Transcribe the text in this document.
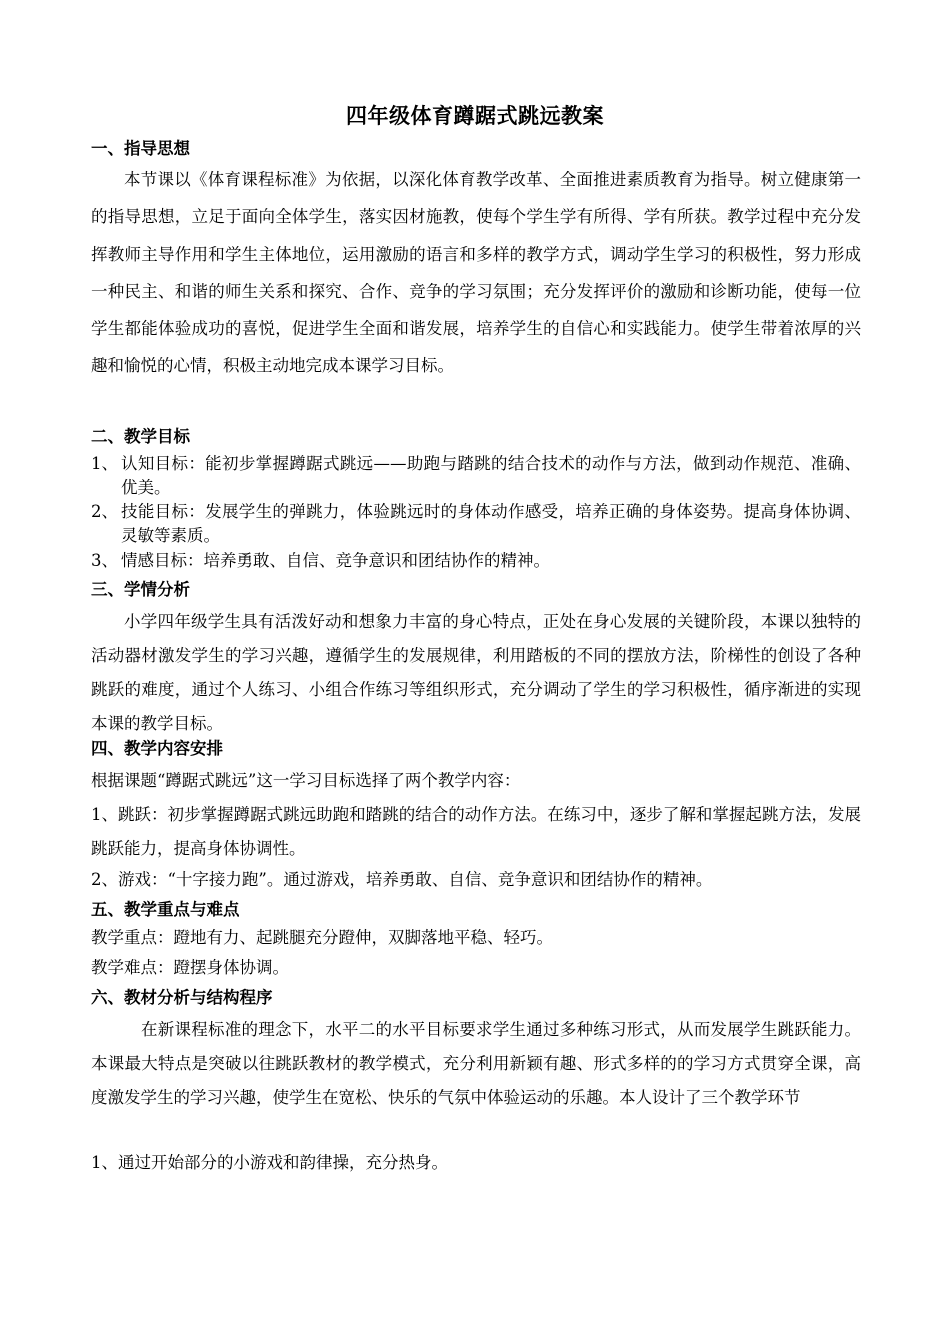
四年级体育蹲踞式跳远教案
一、指导思想
本节课以《体育课程标准》为依据，以深化体育教学改革、全面推进素质教育为指导。树立健康第一的指导思想，立足于面向全体学生，落实因材施教，使每个学生学有所得、学有所获。教学过程中充分发挥教师主导作用和学生主体地位，运用激励的语言和多样的教学方式，调动学生学习的积极性，努力形成一种民主、和谐的师生关系和探究、合作、竞争的学习氛围；充分发挥评价的激励和诊断功能，使每一位学生都能体验成功的喜悦，促进学生全面和谐发展，培养学生的自信心和实践能力。使学生带着浓厚的兴趣和愉悦的心情，积极主动地完成本课学习目标。
二、教学目标
1、 认知目标：能初步掌握蹲踞式跳远——助跑与踏跳的结合技术的动作与方法，做到动作规范、准确、优美。
2、 技能目标：发展学生的弹跳力，体验跳远时的身体动作感受，培养正确的身体姿势。提高身体协调、灵敏等素质。
3、 情感目标：培养勇敢、自信、竞争意识和团结协作的精神。
三、学情分析
小学四年级学生具有活泼好动和想象力丰富的身心特点，正处在身心发展的关键阶段，本课以独特的活动器材激发学生的学习兴趣，遵循学生的发展规律，利用踏板的不同的摆放方法，阶梯性的创设了各种跳跃的难度，通过个人练习、小组合作练习等组织形式，充分调动了学生的学习积极性，循序渐进的实现本课的教学目标。
四、教学内容安排
根据课题“蹲踞式跳远”这一学习目标选择了两个教学内容：
1、跳跃：初步掌握蹲踞式跳远助跑和踏跳的结合的动作方法。在练习中，逐步了解和掌握起跳方法，发展跳跃能力，提高身体协调性。
2、游戏：“十字接力跑”。通过游戏，培养勇敢、自信、竞争意识和团结协作的精神。
五、教学重点与难点
教学重点：蹬地有力、起跳腿充分蹬伸，双脚落地平稳、轻巧。
教学难点：蹬摆身体协调。
六、教材分析与结构程序
在新课程标准的理念下，水平二的水平目标要求学生通过多种练习形式，从而发展学生跳跃能力。本课最大特点是突破以往跳跃教材的教学模式，充分利用新颖有趣、形式多样的的学习方式贯穿全课，高度激发学生的学习兴趣，使学生在宽松、快乐的气氛中体验运动的乐趣。本人设计了三个教学环节
1、通过开始部分的小游戏和韵律操，充分热身。
